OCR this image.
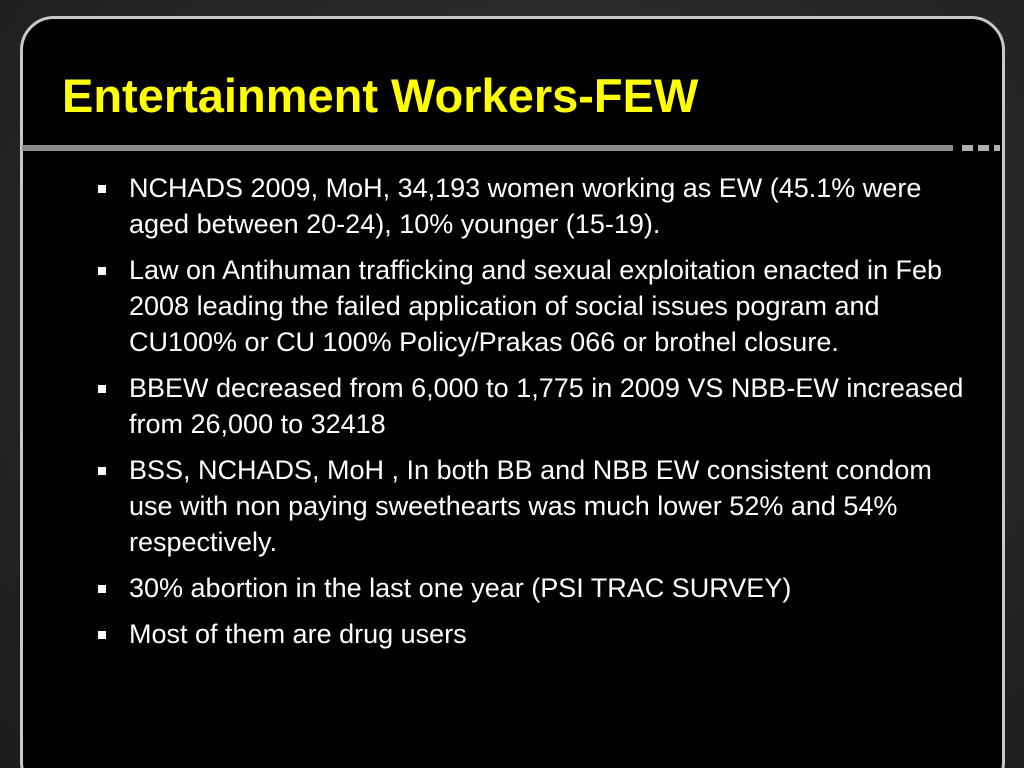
Entertainment Workers-FEW
NCHADS 2009, MoH, 34,193 women working as EW (45.1% were aged between 20-24), 10% younger (15-19).
Law on Antihuman trafficking and sexual exploitation enacted in Feb 2008 leading the failed application of social issues pogram and CU100% or CU 100% Policy/Prakas 066 or brothel closure.
BBEW decreased from 6,000 to 1,775 in 2009 VS NBB-EW increased from 26,000 to 32418
BSS, NCHADS, MoH , In both BB and NBB EW consistent condom use with non paying sweethearts was much lower 52% and 54% respectively.
30% abortion in the last one year (PSI TRAC SURVEY)
Most of them are drug users
